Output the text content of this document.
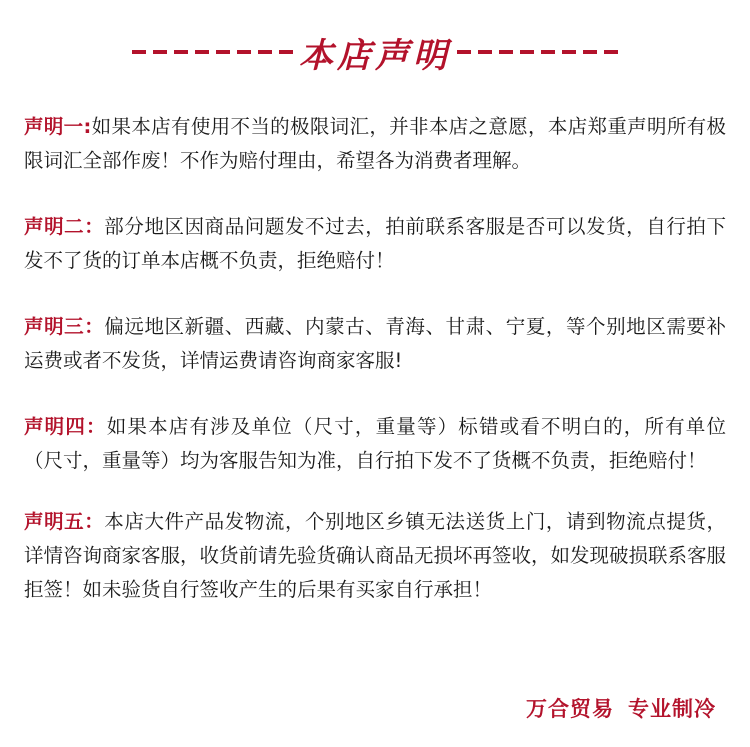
本店声明

声明一:如果本店有使用不当的极限词汇，并非本店之意愿，本店郑重声明所有极限词汇全部作废！不作为赔付理由，希望各为消费者理解。

声明二：部分地区因商品问题发不过去，拍前联系客服是否可以发货，自行拍下发不了货的订单本店概不负责，拒绝赔付！

声明三：偏远地区新疆、西藏、内蒙古、青海、甘肃、宁夏，等个别地区需要补运费或者不发货，详情运费请咨询商家客服!

声明四：如果本店有涉及单位（尺寸，重量等）标错或看不明白的，所有单位（尺寸，重量等）均为客服告知为准，自行拍下发不了货概不负责，拒绝赔付！

声明五：本店大件产品发物流，个别地区乡镇无法送货上门，请到物流点提货，详情咨询商家客服，收货前请先验货确认商品无损坏再签收，如发现破损联系客服拒签！如未验货自行签收产生的后果有买家自行承担！

万合贸易 专业制冷
